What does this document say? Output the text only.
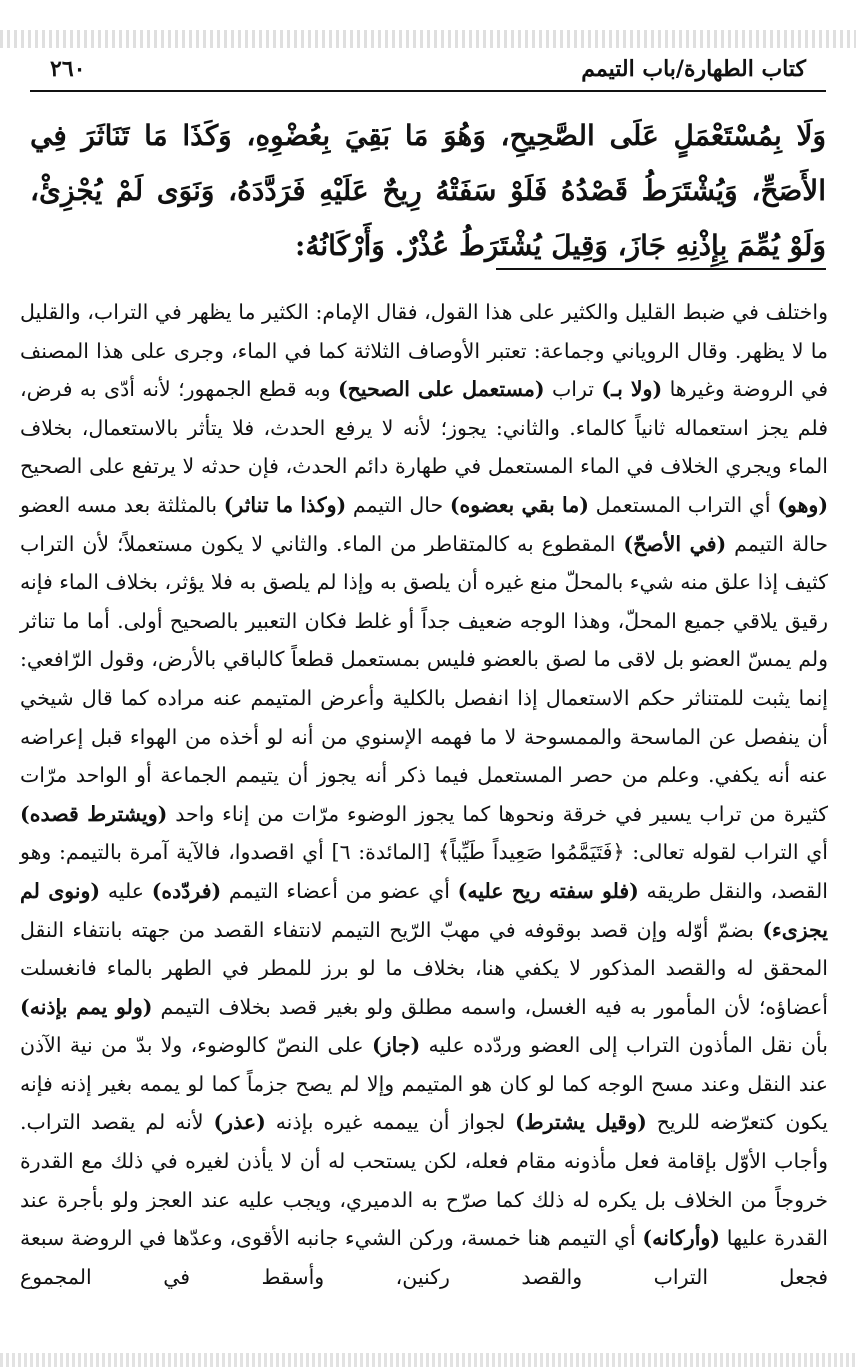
كتاب الطهارة/باب التيمم
٢٦٠
وَلَا بِمُسْتَعْمَلٍ عَلَى الصَّحِيحِ، وَهُوَ مَا بَقِيَ بِعُضْوِهِ، وَكَذَا مَا تَنَاثَرَ فِي الأَصَحِّ، وَيُشْتَرَطُ قَصْدُهُ فَلَوْ سَفَتْهُ رِيحٌ عَلَيْهِ فَرَدَّدَهُ، وَنَوَى لَمْ يُجْزِئْ، وَلَوْ يُمِّمَ بِإِذْنِهِ جَازَ، وَقِيلَ يُشْتَرَطُ عُذْرٌ. وَأَرْكَانُهُ:
واختلف في ضبط القليل والكثير على هذا القول، فقال الإمام: الكثير ما يظهر في التراب، والقليل ما لا يظهر. وقال الروياني وجماعة: تعتبر الأوصاف الثلاثة كما في الماء، وجرى على هذا المصنف في الروضة وغيرها (ولا بـ) تراب (مستعمل على الصحيح) وبه قطع الجمهور؛ لأنه أدّى به فرض، فلم يجز استعماله ثانياً كالماء. والثاني: يجوز؛ لأنه لا يرفع الحدث، فلا يتأثر بالاستعمال، بخلاف الماء ويجري الخلاف في الماء المستعمل في طهارة دائم الحدث، فإن حدثه لا يرتفع على الصحيح (وهو) أي التراب المستعمل (ما بقي بعضوه) حال التيمم (وكذا ما تناثر) بالمثلثة بعد مسه العضو حالة التيمم (في الأصحّ) المقطوع به كالمتقاطر من الماء. والثاني لا يكون مستعملاً؛ لأن التراب كثيف إذا علق منه شيء بالمحلّ منع غيره أن يلصق به وإذا لم يلصق به فلا يؤثر، بخلاف الماء فإنه رقيق يلاقي جميع المحلّ، وهذا الوجه ضعيف جداً أو غلط فكان التعبير بالصحيح أولى. أما ما تناثر ولم يمسّ العضو بل لاقى ما لصق بالعضو فليس بمستعمل قطعاً كالباقي بالأرض، وقول الرّافعي: إنما يثبت للمتناثر حكم الاستعمال إذا انفصل بالكلية وأعرض المتيمم عنه مراده كما قال شيخي أن ينفصل عن الماسحة والممسوحة لا ما فهمه الإسنوي من أنه لو أخذه من الهواء قبل إعراضه عنه أنه يكفي. وعلم من حصر المستعمل فيما ذكر أنه يجوز أن يتيمم الجماعة أو الواحد مرّات كثيرة من تراب يسير في خرقة ونحوها كما يجوز الوضوء مرّات من إناء واحد (ويشترط قصده) أي التراب لقوله تعالى: ﴿فَتَيَمَّمُوا صَعِيداً طَيِّباً﴾ [المائدة: ٦] أي اقصدوا، فالآية آمرة بالتيمم: وهو القصد، والنقل طريقه (فلو سفته ريح عليه) أي عضو من أعضاء التيمم (فردّده) عليه (ونوى لم يجزىء) بضمّ أوّله وإن قصد بوقوفه في مهبّ الرّيح التيمم لانتفاء القصد من جهته بانتفاء النقل المحقق له والقصد المذكور لا يكفي هنا، بخلاف ما لو برز للمطر في الطهر بالماء فانغسلت أعضاؤه؛ لأن المأمور به فيه الغسل، واسمه مطلق ولو بغير قصد بخلاف التيمم (ولو يمم بإذنه) بأن نقل المأذون التراب إلى العضو وردّده عليه (جاز) على النصّ كالوضوء، ولا بدّ من نية الآذن عند النقل وعند مسح الوجه كما لو كان هو المتيمم وإلا لم يصح جزماً كما لو يممه بغير إذنه فإنه يكون كتعرّضه للريح (وقيل يشترط) لجواز أن ييممه غيره بإذنه (عذر) لأنه لم يقصد التراب. وأجاب الأوّل بإقامة فعل مأذونه مقام فعله، لكن يستحب له أن لا يأذن لغيره في ذلك مع القدرة خروجاً من الخلاف بل يكره له ذلك كما صرّح به الدميري، ويجب عليه عند العجز ولو بأجرة عند القدرة عليها (وأركانه) أي التيمم هنا خمسة، وركن الشيء جانبه الأقوى، وعدّها في الروضة سبعة فجعل التراب والقصد ركنين، وأسقط في المجموع
